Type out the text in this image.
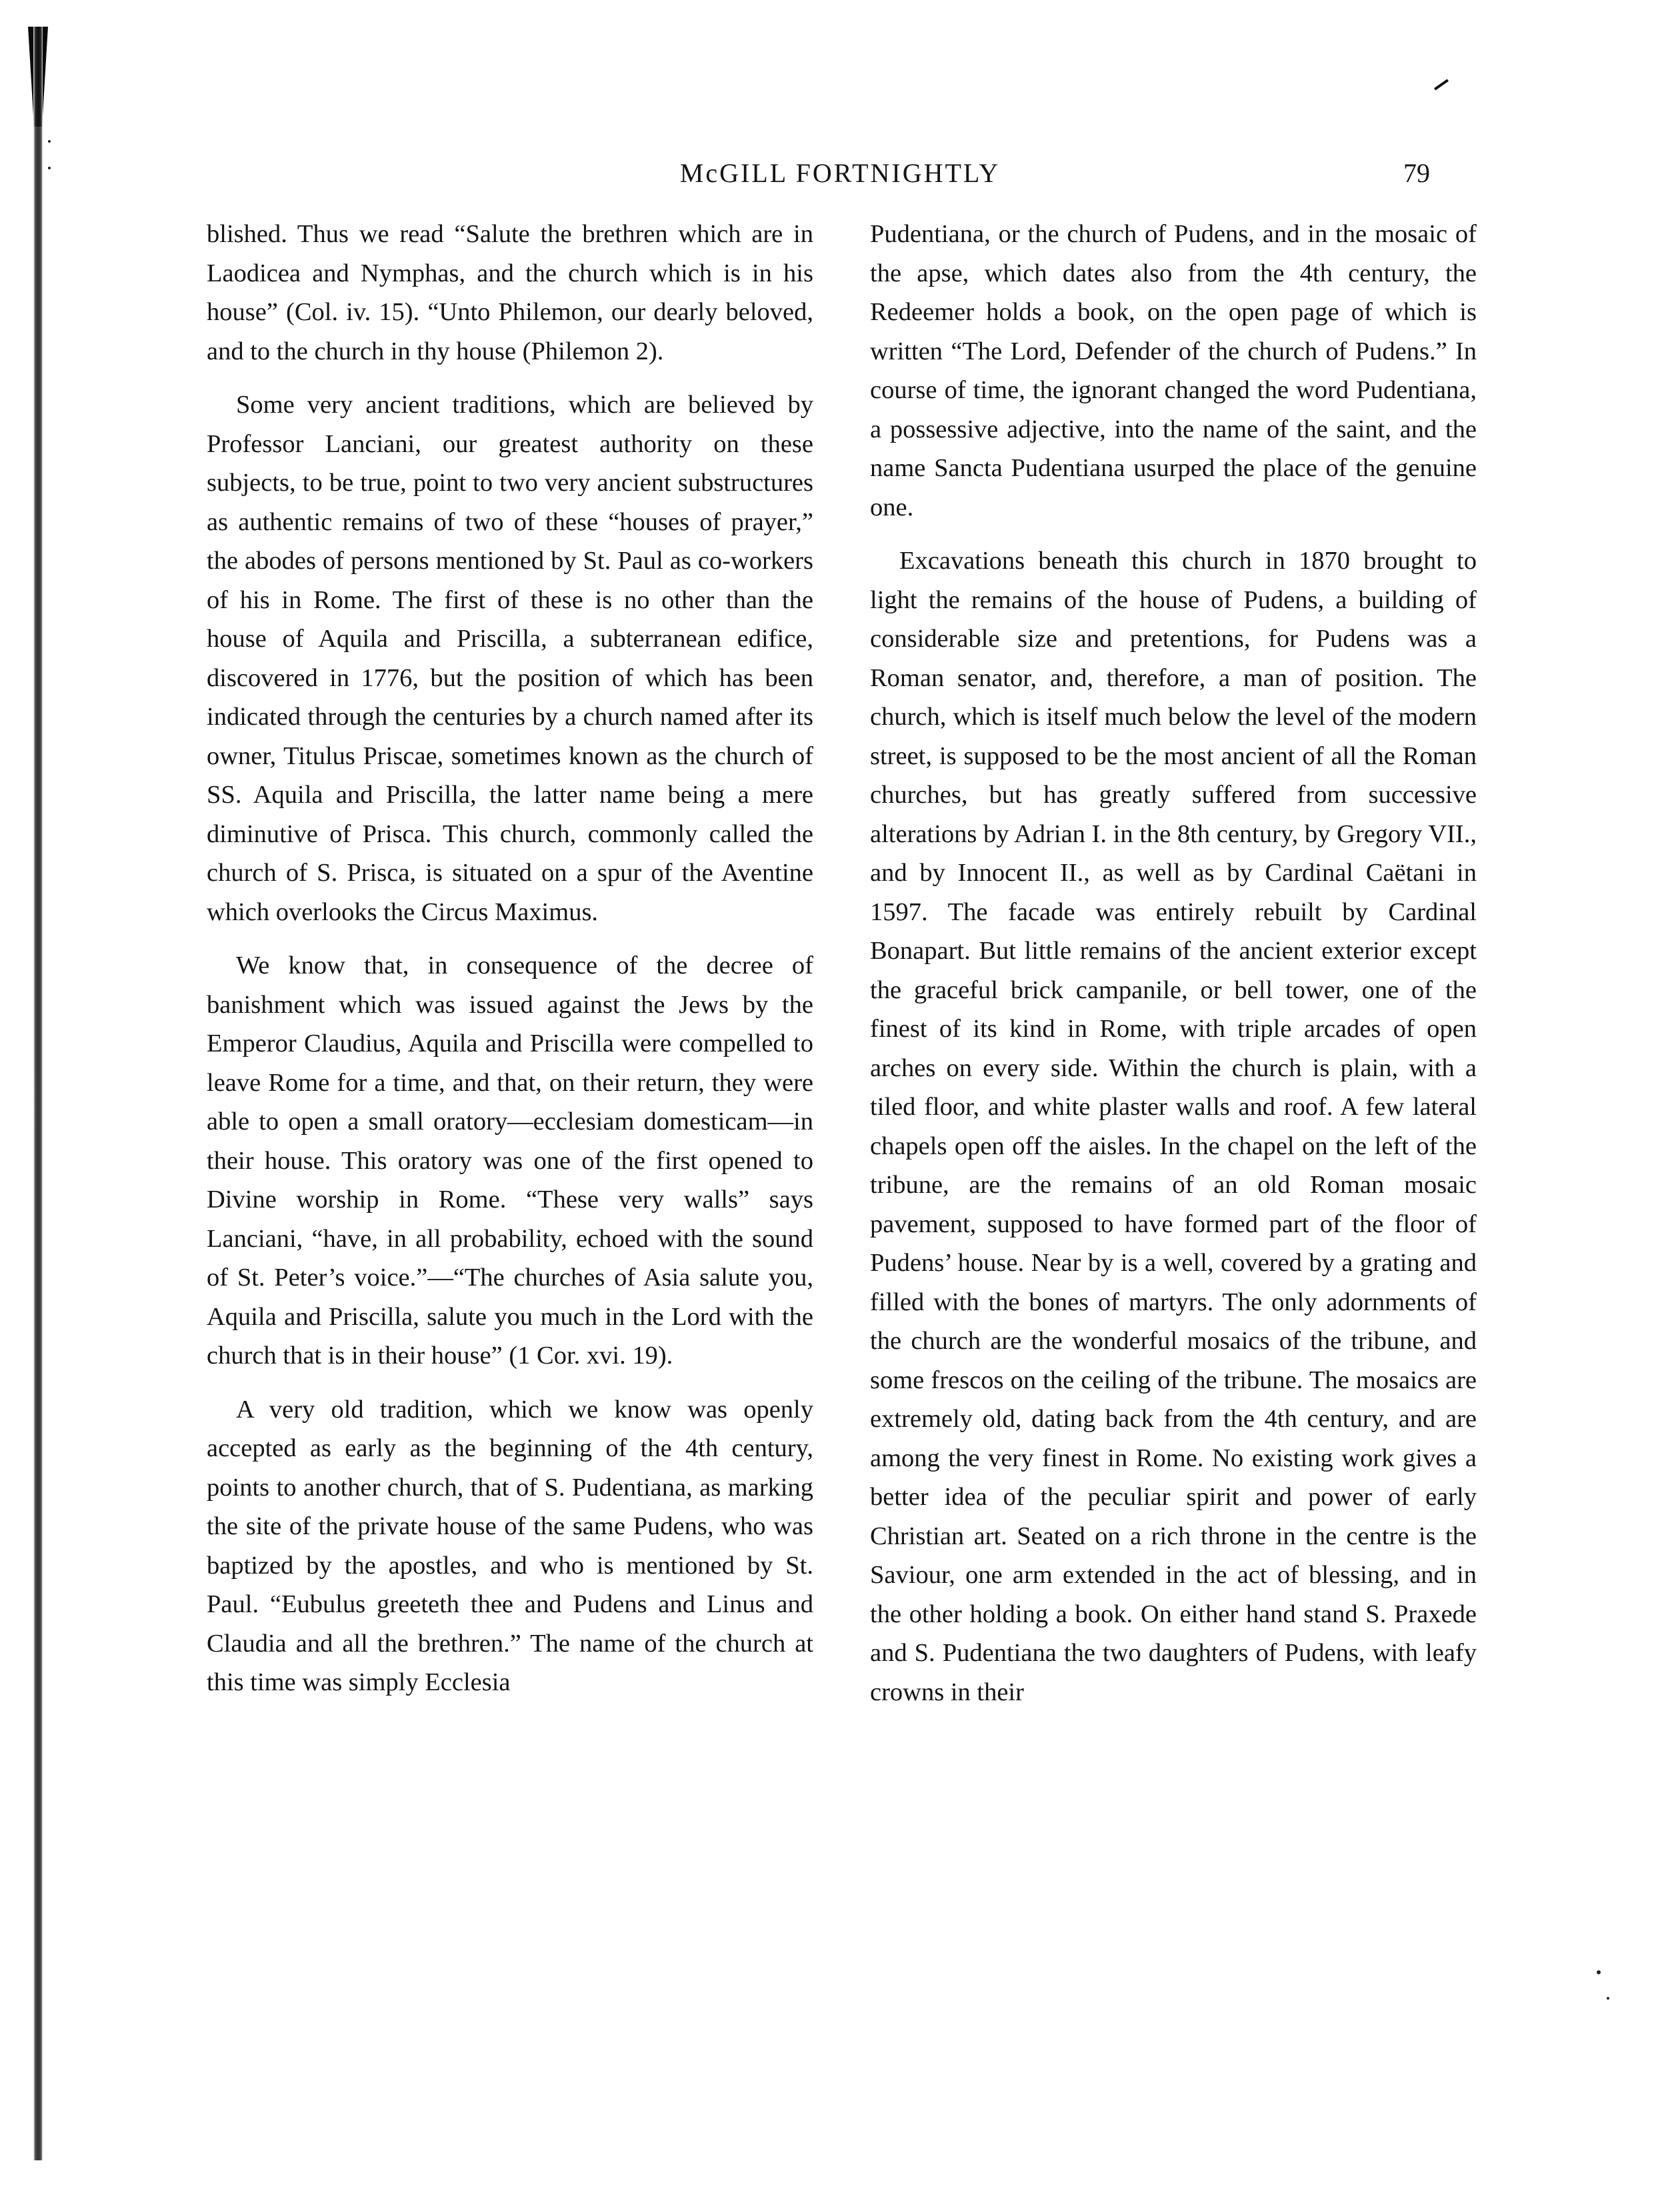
McGILL FORTNIGHTLY	79

blished. Thus we read “Salute the brethren which are in Laodicea and Nymphas, and the church which is in his house” (Col. iv. 15). “Unto Philemon, our dearly beloved, and to the church in thy house (Philemon 2).

Some very ancient traditions, which are believed by Professor Lanciani, our greatest authority on these subjects, to be true, point to two very ancient substructures as authentic remains of two of these “houses of prayer,” the abodes of persons mentioned by St. Paul as co-workers of his in Rome. The first of these is no other than the house of Aquila and Priscilla, a subterranean edifice, discovered in 1776, but the position of which has been indicated through the centuries by a church named after its owner, Titulus Priscae, sometimes known as the church of SS. Aquila and Priscilla, the latter name being a mere diminutive of Prisca. This church, commonly called the church of S. Prisca, is situated on a spur of the Aventine which overlooks the Circus Maximus.

We know that, in consequence of the decree of banishment which was issued against the Jews by the Emperor Claudius, Aquila and Priscilla were compelled to leave Rome for a time, and that, on their return, they were able to open a small oratory—ecclesiam domesticam—in their house. This oratory was one of the first opened to Divine worship in Rome. “These very walls” says Lanciani, “have, in all probability, echoed with the sound of St. Peter’s voice.”—“The churches of Asia salute you, Aquila and Priscilla, salute you much in the Lord with the church that is in their house” (1 Cor. xvi. 19).

A very old tradition, which we know was openly accepted as early as the beginning of the 4th century, points to another church, that of S. Pudentiana, as marking the site of the private house of the same Pudens, who was baptized by the apostles, and who is mentioned by St. Paul. “Eubulus greeteth thee and Pudens and Linus and Claudia and all the brethren.” The name of the church at this time was simply Ecclesia

Pudentiana, or the church of Pudens, and in the mosaic of the apse, which dates also from the 4th century, the Redeemer holds a book, on the open page of which is written “The Lord, Defender of the church of Pudens.” In course of time, the ignorant changed the word Pudentiana, a possessive adjective, into the name of the saint, and the name Sancta Pudentiana usurped the place of the genuine one.

Excavations beneath this church in 1870 brought to light the remains of the house of Pudens, a building of considerable size and pretentions, for Pudens was a Roman senator, and, therefore, a man of position. The church, which is itself much below the level of the modern street, is supposed to be the most ancient of all the Roman churches, but has greatly suffered from successive alterations by Adrian I. in the 8th century, by Gregory VII., and by Innocent II., as well as by Cardinal Caëtani in 1597. The facade was entirely rebuilt by Cardinal Bonapart. But little remains of the ancient exterior except the graceful brick campanile, or bell tower, one of the finest of its kind in Rome, with triple arcades of open arches on every side. Within the church is plain, with a tiled floor, and white plaster walls and roof. A few lateral chapels open off the aisles. In the chapel on the left of the tribune, are the remains of an old Roman mosaic pavement, supposed to have formed part of the floor of Pudens’ house. Near by is a well, covered by a grating and filled with the bones of martyrs. The only adornments of the church are the wonderful mosaics of the tribune, and some frescos on the ceiling of the tribune. The mosaics are extremely old, dating back from the 4th century, and are among the very finest in Rome. No existing work gives a better idea of the peculiar spirit and power of early Christian art. Seated on a rich throne in the centre is the Saviour, one arm extended in the act of blessing, and in the other holding a book. On either hand stand S. Praxede and S. Pudentiana the two daughters of Pudens, with leafy crowns in their
